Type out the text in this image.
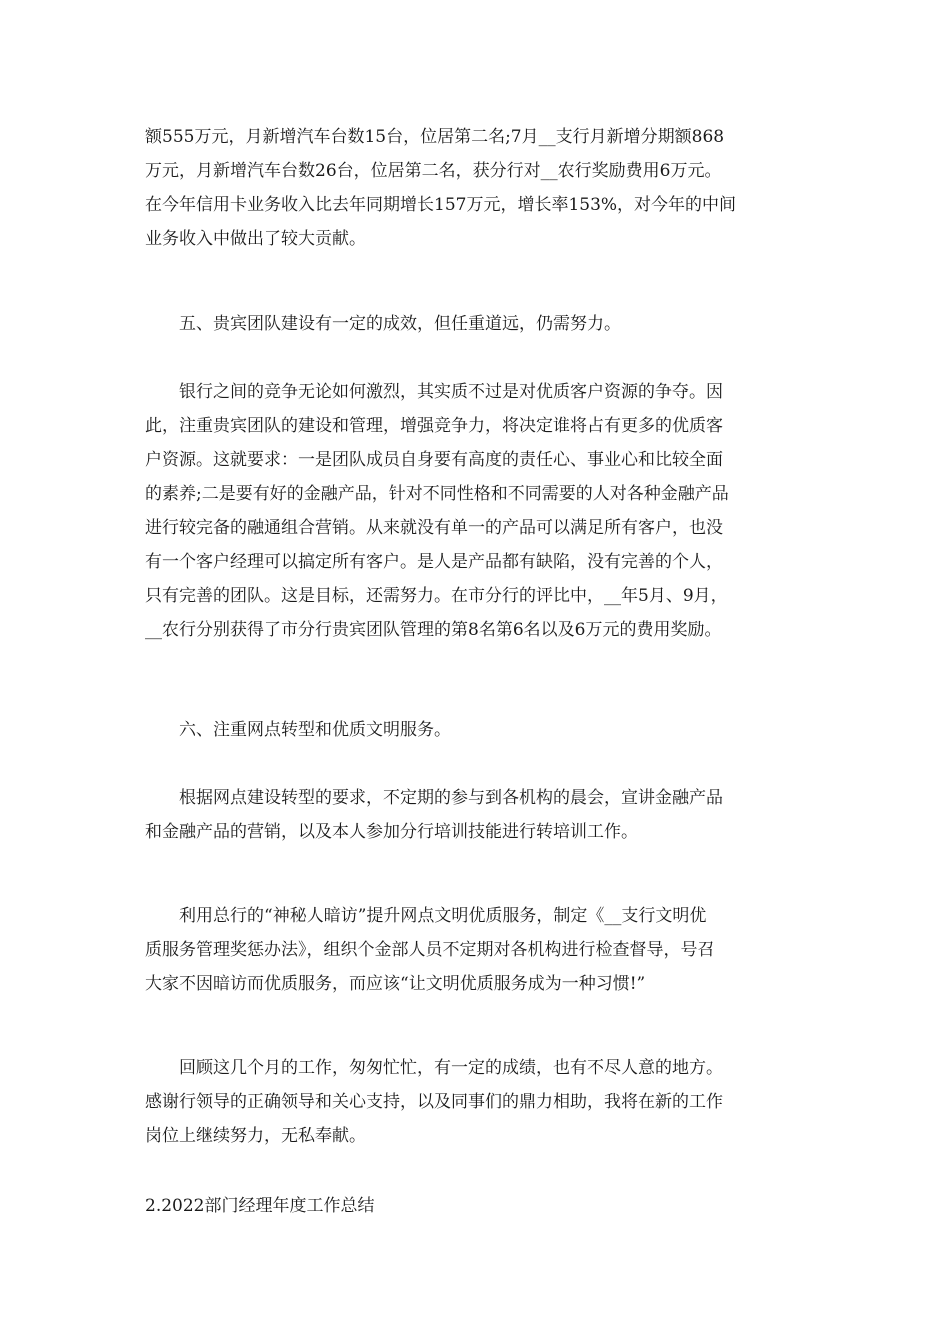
额555万元，月新增汽车台数15台，位居第二名;7月__支行月新增分期额868
万元，月新增汽车台数26台，位居第二名，获分行对__农行奖励费用6万元。
在今年信用卡业务收入比去年同期增长157万元，增长率153%，对今年的中间
业务收入中做出了较大贡献。

五、贵宾团队建设有一定的成效，但任重道远，仍需努力。

银行之间的竞争无论如何激烈，其实质不过是对优质客户资源的争夺。因
此，注重贵宾团队的建设和管理，增强竞争力，将决定谁将占有更多的优质客
户资源。这就要求：一是团队成员自身要有高度的责任心、事业心和比较全面
的素养;二是要有好的金融产品，针对不同性格和不同需要的人对各种金融产品
进行较完备的融通组合营销。从来就没有单一的产品可以满足所有客户，也没
有一个客户经理可以搞定所有客户。是人是产品都有缺陷，没有完善的个人，
只有完善的团队。这是目标，还需努力。在市分行的评比中，__年5月、9月，
__农行分别获得了市分行贵宾团队管理的第8名第6名以及6万元的费用奖励。

六、注重网点转型和优质文明服务。

根据网点建设转型的要求，不定期的参与到各机构的晨会，宣讲金融产品
和金融产品的营销，以及本人参加分行培训技能进行转培训工作。

利用总行的“神秘人暗访”提升网点文明优质服务，制定《__支行文明优
质服务管理奖惩办法》，组织个金部人员不定期对各机构进行检查督导，号召
大家不因暗访而优质服务，而应该“让文明优质服务成为一种习惯!”

回顾这几个月的工作，匆匆忙忙，有一定的成绩，也有不尽人意的地方。
感谢行领导的正确领导和关心支持，以及同事们的鼎力相助，我将在新的工作
岗位上继续努力，无私奉献。

2.2022部门经理年度工作总结
